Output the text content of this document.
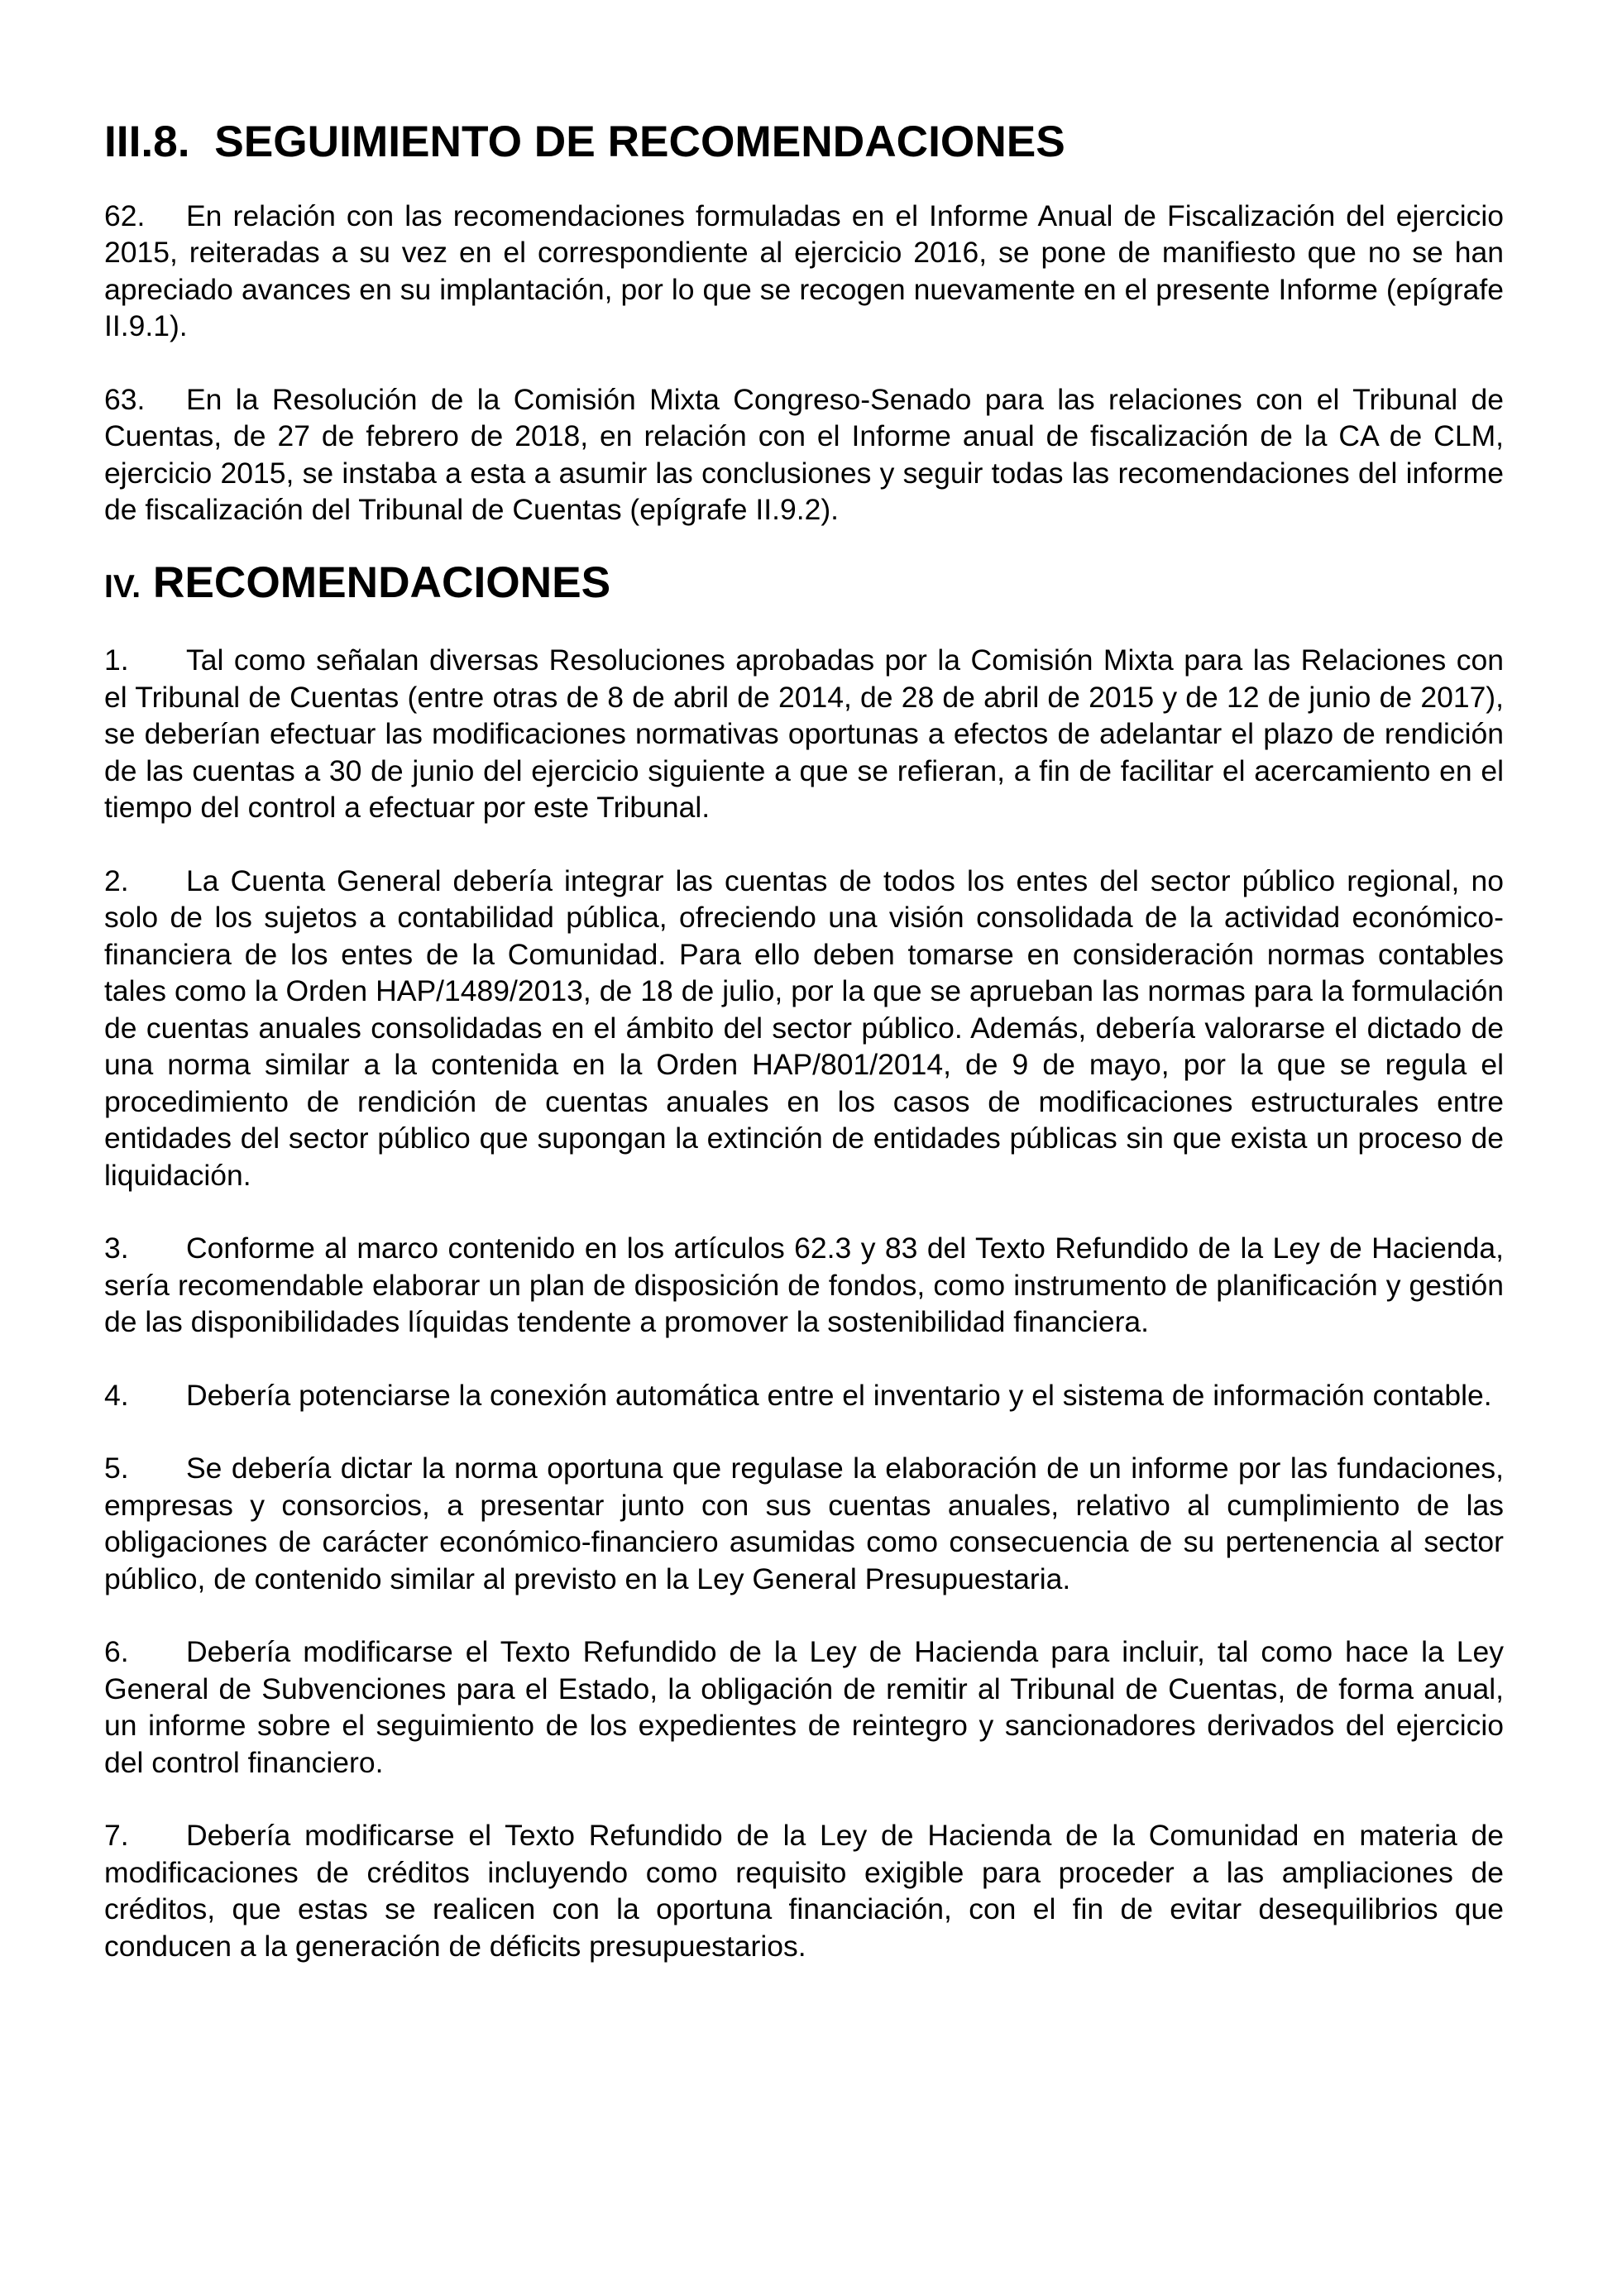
III.8. SEGUIMIENTO DE RECOMENDACIONES

62. En relación con las recomendaciones formuladas en el Informe Anual de Fiscalización del ejercicio 2015, reiteradas a su vez en el correspondiente al ejercicio 2016, se pone de manifiesto que no se han apreciado avances en su implantación, por lo que se recogen nuevamente en el presente Informe (epígrafe II.9.1).

63. En la Resolución de la Comisión Mixta Congreso-Senado para las relaciones con el Tribunal de Cuentas, de 27 de febrero de 2018, en relación con el Informe anual de fiscalización de la CA de CLM, ejercicio 2015, se instaba a esta a asumir las conclusiones y seguir todas las recomendaciones del informe de fiscalización del Tribunal de Cuentas (epígrafe II.9.2).

IV. RECOMENDACIONES

1. Tal como señalan diversas Resoluciones aprobadas por la Comisión Mixta para las Relaciones con el Tribunal de Cuentas (entre otras de 8 de abril de 2014, de 28 de abril de 2015 y de 12 de junio de 2017), se deberían efectuar las modificaciones normativas oportunas a efectos de adelantar el plazo de rendición de las cuentas a 30 de junio del ejercicio siguiente a que se refieran, a fin de facilitar el acercamiento en el tiempo del control a efectuar por este Tribunal.

2. La Cuenta General debería integrar las cuentas de todos los entes del sector público regional, no solo de los sujetos a contabilidad pública, ofreciendo una visión consolidada de la actividad económico-financiera de los entes de la Comunidad. Para ello deben tomarse en consideración normas contables tales como la Orden HAP/1489/2013, de 18 de julio, por la que se aprueban las normas para la formulación de cuentas anuales consolidadas en el ámbito del sector público. Además, debería valorarse el dictado de una norma similar a la contenida en la Orden HAP/801/2014, de 9 de mayo, por la que se regula el procedimiento de rendición de cuentas anuales en los casos de modificaciones estructurales entre entidades del sector público que supongan la extinción de entidades públicas sin que exista un proceso de liquidación.

3. Conforme al marco contenido en los artículos 62.3 y 83 del Texto Refundido de la Ley de Hacienda, sería recomendable elaborar un plan de disposición de fondos, como instrumento de planificación y gestión de las disponibilidades líquidas tendente a promover la sostenibilidad financiera.

4. Debería potenciarse la conexión automática entre el inventario y el sistema de información contable.

5. Se debería dictar la norma oportuna que regulase la elaboración de un informe por las fundaciones, empresas y consorcios, a presentar junto con sus cuentas anuales, relativo al cumplimiento de las obligaciones de carácter económico-financiero asumidas como consecuencia de su pertenencia al sector público, de contenido similar al previsto en la Ley General Presupuestaria.

6. Debería modificarse el Texto Refundido de la Ley de Hacienda para incluir, tal como hace la Ley General de Subvenciones para el Estado, la obligación de remitir al Tribunal de Cuentas, de forma anual, un informe sobre el seguimiento de los expedientes de reintegro y sancionadores derivados del ejercicio del control financiero.

7. Debería modificarse el Texto Refundido de la Ley de Hacienda de la Comunidad en materia de modificaciones de créditos incluyendo como requisito exigible para proceder a las ampliaciones de créditos, que estas se realicen con la oportuna financiación, con el fin de evitar desequilibrios que conducen a la generación de déficits presupuestarios.
